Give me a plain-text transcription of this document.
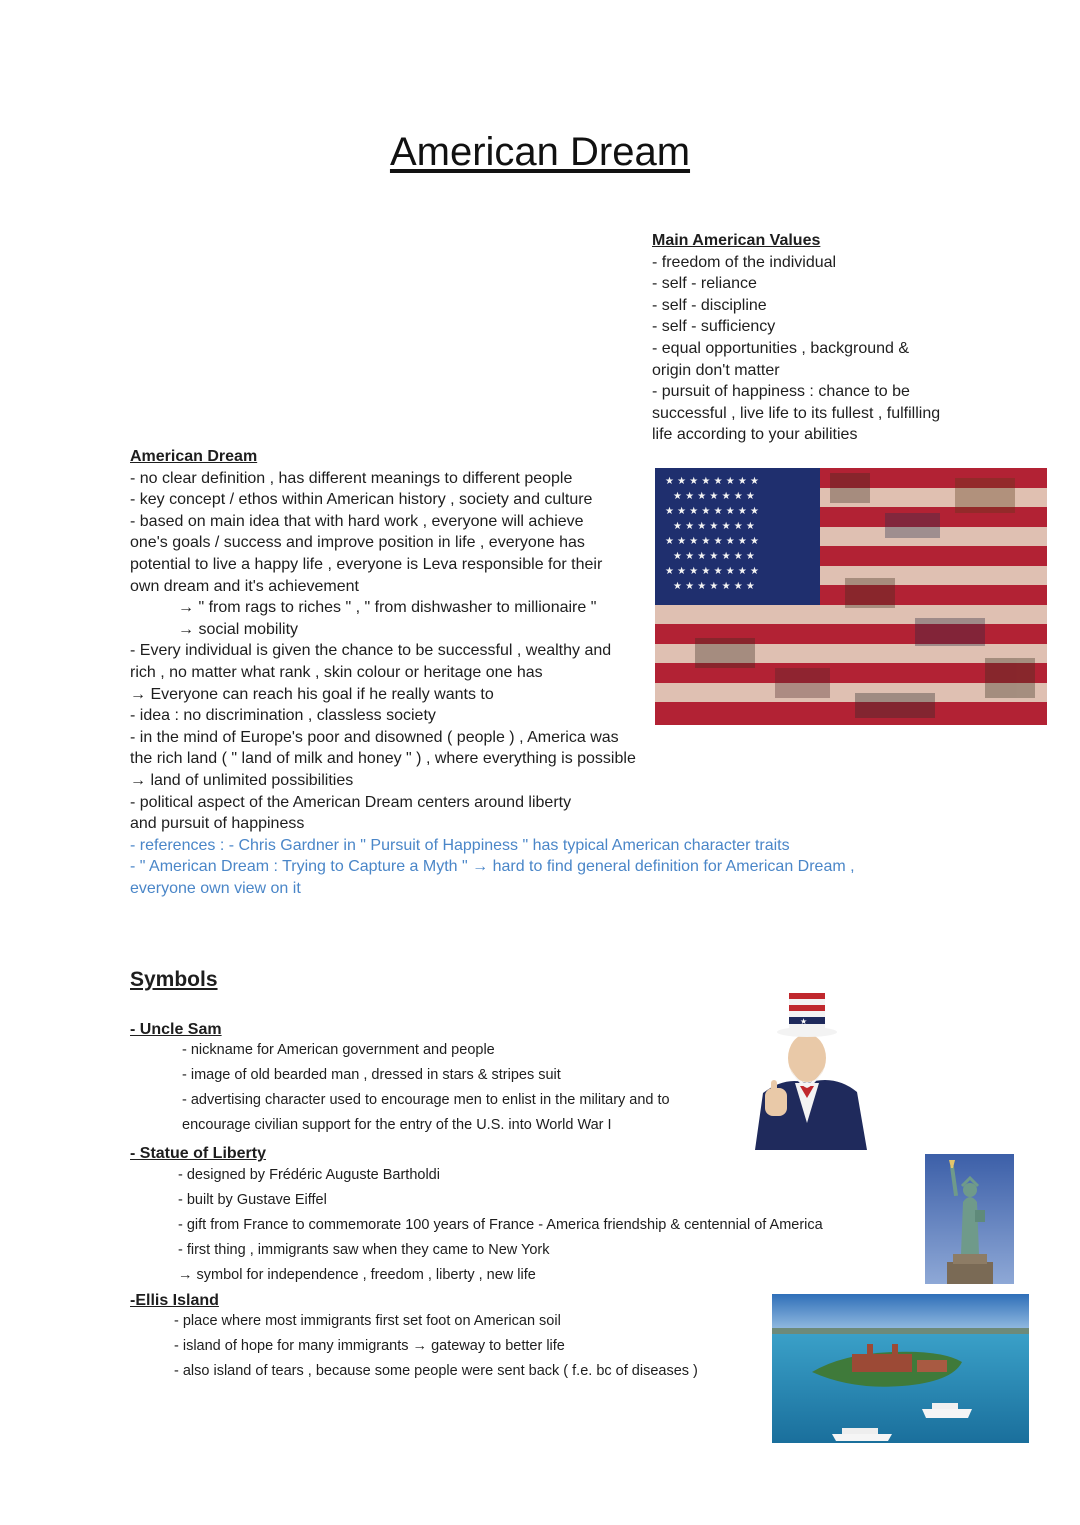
American Dream
Main American Values
- freedom of the individual
- self - reliance
- self - discipline
- self - sufficiency
- equal opportunities , background &
origin don't matter
- pursuit of happiness : chance to be
successful , live life to its fullest , fulfilling
life according to your abilities
★ ★ ★ ★ ★ ★ ★ ★
★ ★ ★ ★ ★ ★ ★
★ ★ ★ ★ ★ ★ ★ ★
★ ★ ★ ★ ★ ★ ★
★ ★ ★ ★ ★ ★ ★ ★
★ ★ ★ ★ ★ ★ ★
★ ★ ★ ★ ★ ★ ★ ★
★ ★ ★ ★ ★ ★ ★
American Dream
- no clear definition , has different meanings to different people
- key concept / ethos within American history , society and culture
- based on main idea that with hard work , everyone will achieve
one's goals / success and improve position in life , everyone has
potential to live a happy life , everyone is Leva responsible for their
own dream and it's achievement
   → " from rags to riches " , " from dishwasher to millionaire "
   → social mobility
- Every individual is given the chance to be successful , wealthy and
rich , no matter what rank , skin colour or heritage one has
→ Everyone can reach his goal if he really wants to
- idea : no discrimination , classless society
- in the mind of Europe's poor and disowned ( people ) , America was
the rich land ( " land of milk and honey " ) , where everything is possible
→ land of unlimited possibilities
- political aspect of the American Dream centers around liberty
and pursuit of happiness
- references : - Chris Gardner in " Pursuit of Happiness " has typical American character traits
- " American Dream : Trying to Capture a Myth " → hard to find general definition for American Dream ,
everyone own view on it
Symbols
- Uncle Sam
- nickname for American government and people
- image of old bearded man , dressed in stars & stripes suit
- advertising character used to encourage men to enlist in the military and to
encourage civilian support for the entry of the U.S. into World War I
★
- Statue of Liberty
- designed by Frédéric Auguste Bartholdi
- built by Gustave Eiffel
- gift from France to commemorate 100 years of France - America friendship & centennial of America
- first thing , immigrants saw when they came to New York
→ symbol for independence , freedom , liberty , new life
-Ellis Island
- place where most immigrants first set foot on American soil
- island of hope for many immigrants → gateway to better life
- also island of tears , because some people were sent back ( f.e. bc of diseases )
